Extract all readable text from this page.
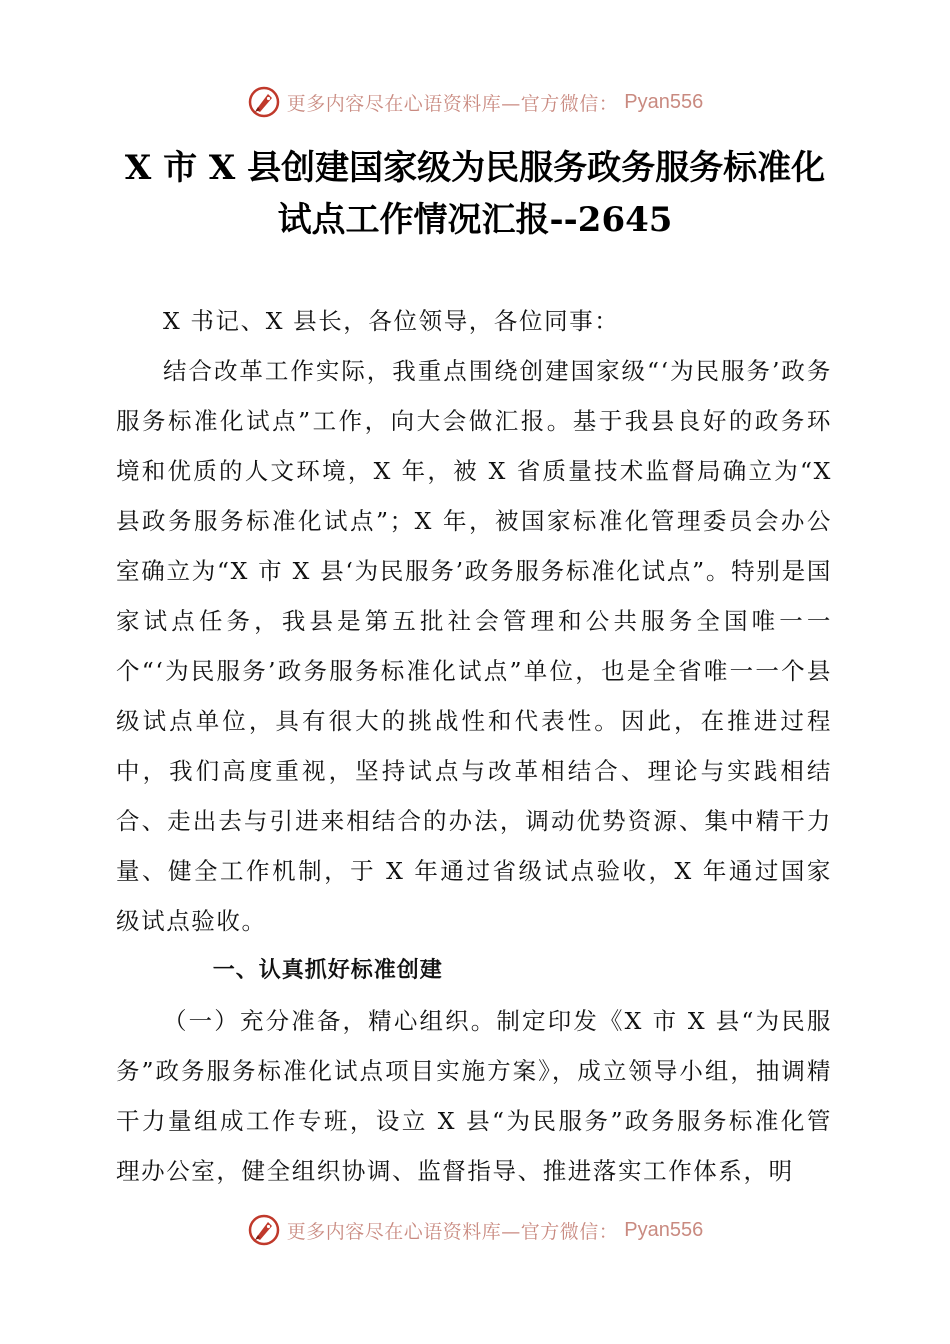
更多内容尽在心语资料库—官方微信： Pyan556
X 市 X 县创建国家级为民服务政务服务标准化
试点工作情况汇报--2645

X 书记、X 县长，各位领导，各位同事：

结合改革工作实际，我重点围绕创建国家级“‘为民服务’政务服务标准化试点”工作，向大会做汇报。基于我县良好的政务环境和优质的人文环境，X 年，被 X 省质量技术监督局确立为“X 县政务服务标准化试点”；X 年，被国家标准化管理委员会办公室确立为“X 市 X 县‘为民服务’政务服务标准化试点”。特别是国家试点任务，我县是第五批社会管理和公共服务全国唯一一个“‘为民服务’政务服务标准化试点”单位，也是全省唯一一个县级试点单位，具有很大的挑战性和代表性。因此，在推进过程中，我们高度重视，坚持试点与改革相结合、理论与实践相结合、走出去与引进来相结合的办法，调动优势资源、集中精干力量、健全工作机制，于 X 年通过省级试点验收，X 年通过国家级试点验收。

一、认真抓好标准创建

（一）充分准备，精心组织。制定印发《X 市 X 县“为民服务”政务服务标准化试点项目实施方案》，成立领导小组，抽调精干力量组成工作专班，设立 X 县“为民服务”政务服务标准化管理办公室，健全组织协调、监督指导、推进落实工作体系，明

更多内容尽在心语资料库—官方微信： Pyan556
